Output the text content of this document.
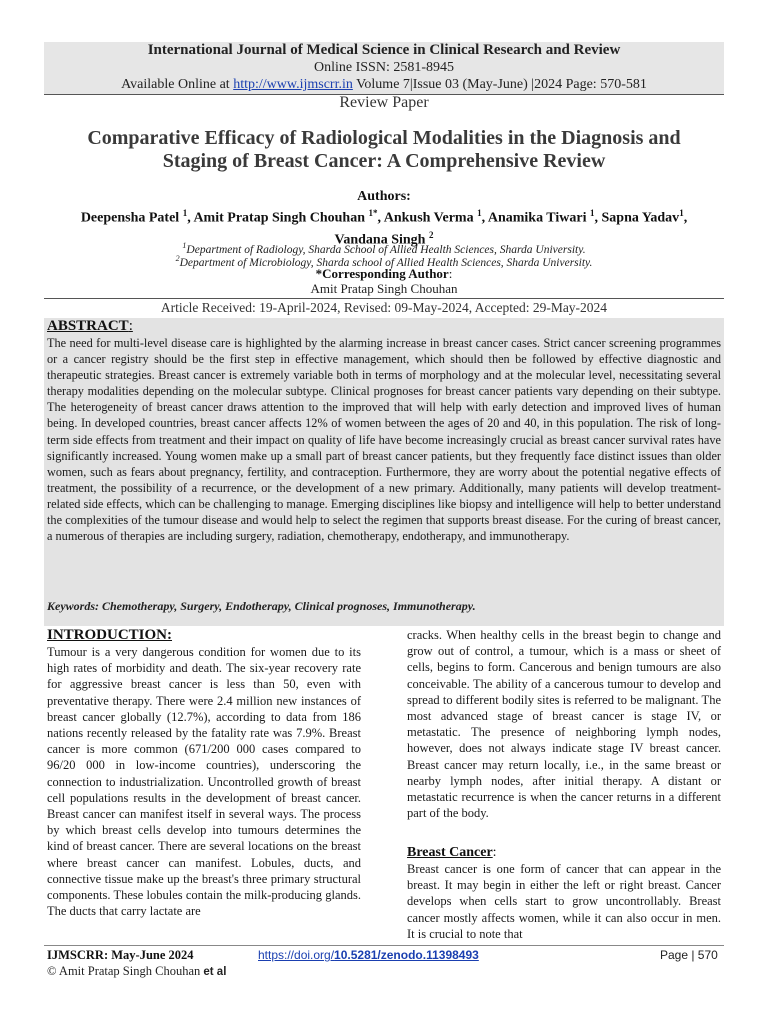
International Journal of Medical Science in Clinical Research and Review
Online ISSN: 2581-8945
Available Online at http://www.ijmscrr.in Volume 7|Issue 03 (May-June) |2024 Page: 570-581
Review Paper
Comparative Efficacy of Radiological Modalities in the Diagnosis and Staging of Breast Cancer: A Comprehensive Review
Authors:
Deepensha Patel $^1$, Amit Pratap Singh Chouhan $^{1*}$, Ankush Verma $^1$, Anamika Tiwari $^1$, Sapna Yadav$^1$, Vandana Singh $^2$
$^1$Department of Radiology, Sharda School of Allied Health Sciences, Sharda University.
$^2$Department of Microbiology, Sharda school of Allied Health Sciences, Sharda University.
*Corresponding Author:
Amit Pratap Singh Chouhan
Article Received: 19-April-2024, Revised: 09-May-2024, Accepted: 29-May-2024
ABSTRACT:

The need for multi-level disease care is highlighted by the alarming increase in breast cancer cases. Strict cancer screening programmes or a cancer registry should be the first step in effective management, which should then be followed by effective diagnostic and therapeutic strategies. Breast cancer is extremely variable both in terms of morphology and at the molecular level, necessitating several therapy modalities depending on the molecular subtype. Clinical prognoses for breast cancer patients vary depending on their subtype. The heterogeneity of breast cancer draws attention to the improved that will help with early detection and improved lives of human being. In developed countries, breast cancer affects 12% of women between the ages of 20 and 40, in this population. The risk of long-term side effects from treatment and their impact on quality of life have become increasingly crucial as breast cancer survival rates have significantly increased. Young women make up a small part of breast cancer patients, but they frequently face distinct issues than older women, such as fears about pregnancy, fertility, and contraception. Furthermore, they are worry about the potential negative effects of treatment, the possibility of a recurrence, or the development of a new primary. Additionally, many patients will develop treatment-related side effects, which can be challenging to manage. Emerging disciplines like biopsy and intelligence will help to better understand the complexities of the tumour disease and would help to select the regimen that supports breast disease. For the curing of breast cancer, a numerous of therapies are including surgery, radiation, chemotherapy, endotherapy, and immunotherapy.

Keywords: Chemotherapy, Surgery, Endotherapy, Clinical prognoses, Immunotherapy.

INTRODUCTION:

Tumour is a very dangerous condition for women due to its high rates of morbidity and death. The six-year recovery rate for aggressive breast cancer is less than 50, even with preventative therapy. There were 2.4 million new instances of breast cancer globally (12.7%), according to data from 186 nations recently released by the fatality rate was 7.9%. Breast cancer is more common (671/200 000 cases compared to 96/20 000 in low-income countries), underscoring the connection to industrialization. Uncontrolled growth of breast cell populations results in the development of breast cancer. Breast cancer can manifest itself in several ways. The process by which breast cells develop into tumours determines the kind of breast cancer. There are several locations on the breast where breast cancer can manifest. Lobules, ducts, and connective tissue make up the breast's three primary structural components. These lobules contain the milk-producing glands. The ducts that carry lactate are

cracks. When healthy cells in the breast begin to change and grow out of control, a tumour, which is a mass or sheet of cells, begins to form. Cancerous and benign tumours are also conceivable. The ability of a cancerous tumour to develop and spread to different bodily sites is referred to be malignant. The most advanced stage of breast cancer is stage IV, or metastatic. The presence of neighboring lymph nodes, however, does not always indicate stage IV breast cancer. Breast cancer may return locally, i.e., in the same breast or nearby lymph nodes, after initial therapy. A distant or metastatic recurrence is when the cancer returns in a different part of the body.

Breast Cancer:

Breast cancer is one form of cancer that can appear in the breast. It may begin in either the left or right breast. Cancer develops when cells start to grow uncontrollably. Breast cancer mostly affects women, while it can also occur in men. It is crucial to note that

IJMSCRR: May-June 2024	https://doi.org/10.5281/zenodo.11398493	Page | 570
© Amit Pratap Singh Chouhan et al
